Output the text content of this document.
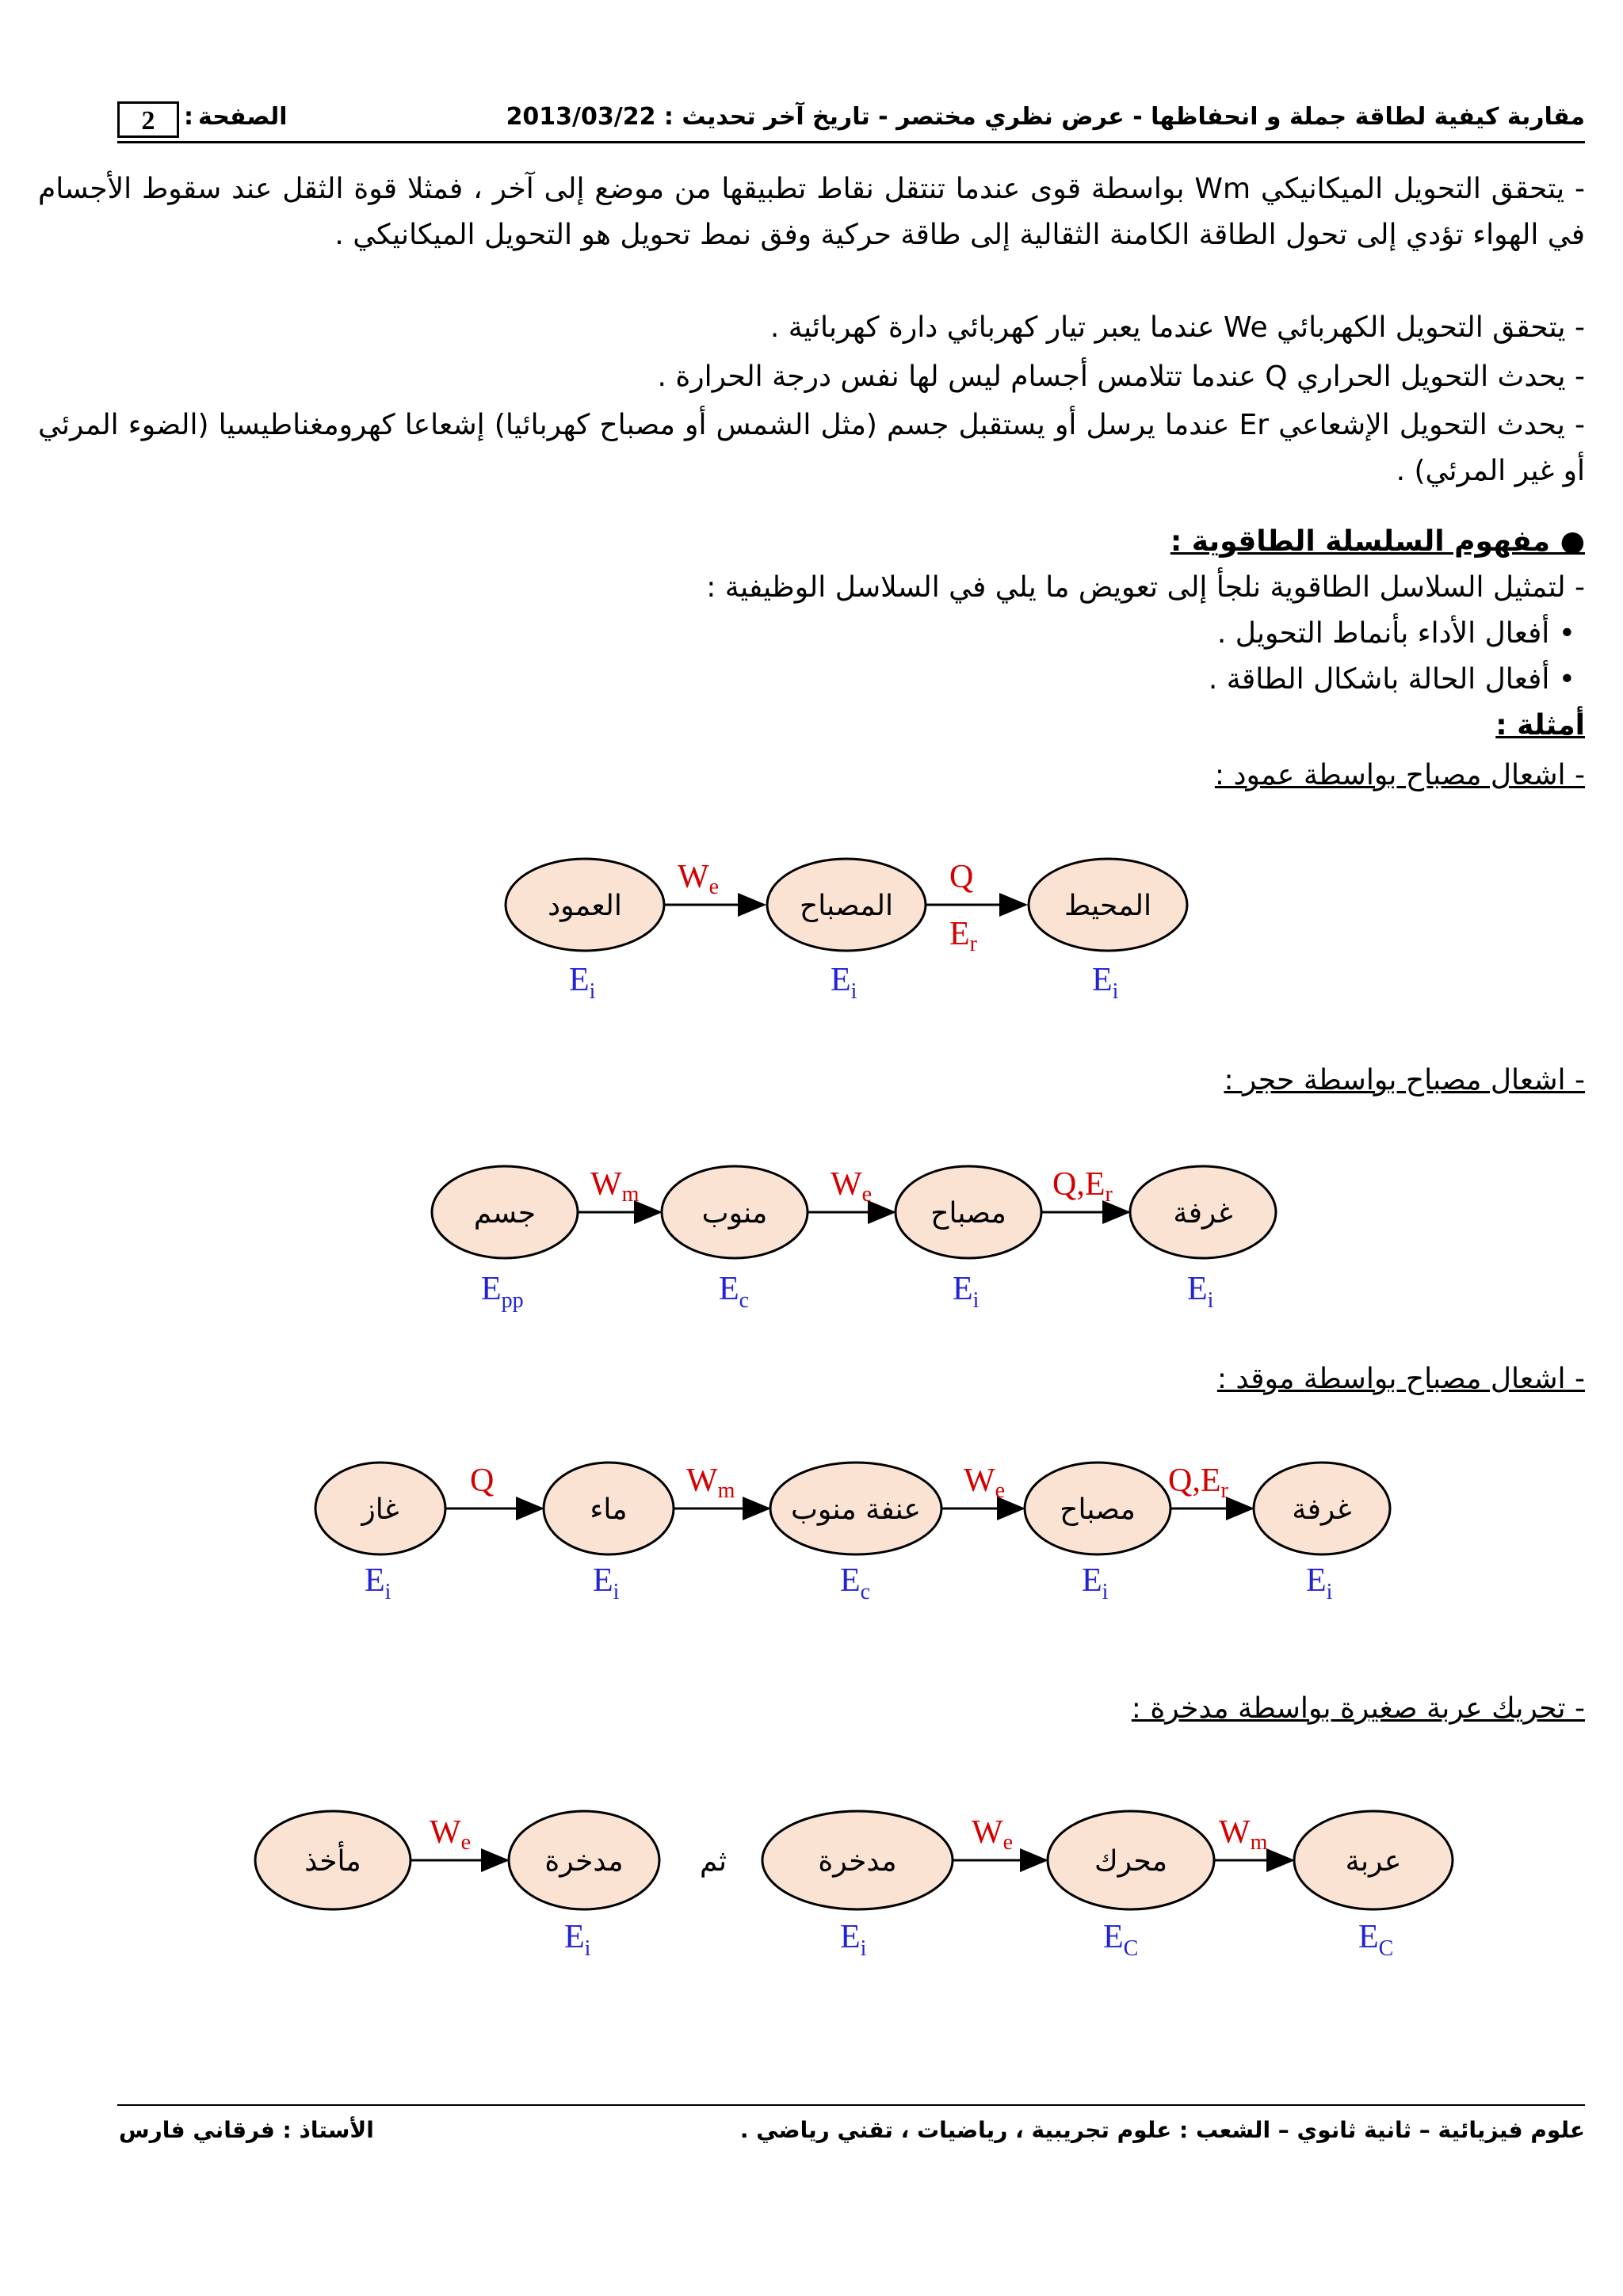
مقاربة كيفية لطاقة جملة و انحفاظها - عرض نظري مختصر - تاريخ آخر تحديث : 2013/03/22
الصفحة
:
2
- يتحقق التحويل الميكانيكي Wm بواسطة قوى عندما تنتقل نقاط تطبيقها من موضع إلى آخر ، فمثلا قوة الثقل عند سقوط الأجسام في الهواء تؤدي إلى تحول الطاقة الكامنة الثقالية إلى طاقة حركية وفق نمط تحويل هو التحويل الميكانيكي .
- يتحقق التحويل الكهربائي We عندما يعبر تيار كهربائي دارة كهربائية .
- يحدث التحويل الحراري Q عندما تتلامس أجسام ليس لها نفس درجة الحرارة .
- يحدث التحويل الإشعاعي Er عندما يرسل أو يستقبل جسم (مثل الشمس أو مصباح كهربائيا) إشعاعا كهرومغناطيسيا (الضوء المرئي أو غير المرئي) .
● مفهوم السلسلة الطاقوية :
- لتمثيل السلاسل الطاقوية نلجأ إلى تعويض ما يلي في السلاسل الوظيفية :
• أفعال الأداء بأنماط التحويل .
• أفعال الحالة باشكال الطاقة .
أمثلة :
- اشعال مصباح بواسطة عمود :
العمود	المصباح	المحيط
We	Q
Er
$E_i$	$E_i$	$E_i$
- اشعال مصباح بواسطة حجر :
جسم	منوب	مصباح	غرفة
Wm	We	Q,Er
$E_{pp}$	$E_c$	$E_i$	$E_i$
- اشعال مصباح بواسطة موقد :
غاز	ماء	عنفة منوب	مصباح	غرفة
Q	Wm	We	Q,Er
$E_i$	$E_i$	$E_c$	$E_i$	$E_i$
- تحريك عربة صغيرة بواسطة مدخرة :
مأخذ	مدخرة	مدخرة	محرك	عربة
ثم
We	We	Wm
$E_i$	$E_i$	$E_C$	$E_C$
علوم فيزيائية – ثانية ثانوي – الشعب : علوم تجريبية ، رياضيات ، تقني رياضي .
الأستاذ : فرقاني فارس
